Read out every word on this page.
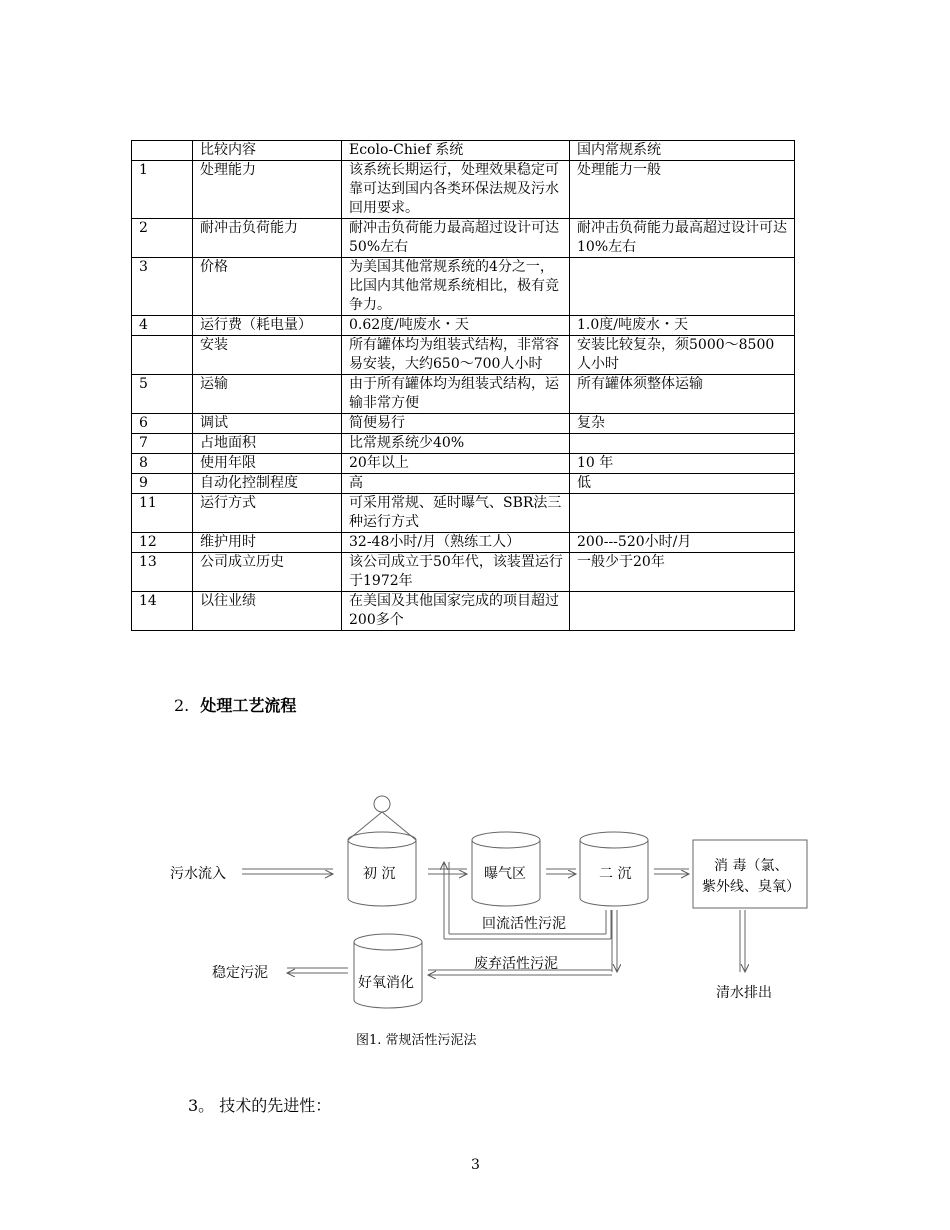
	比较内容	Ecolo-Chief 系统	国内常规系统
1	处理能力	该系统长期运行，处理效果稳定可靠可达到国内各类环保法规及污水回用要求。	处理能力一般
2	耐冲击负荷能力	耐冲击负荷能力最高超过设计可达50%左右	耐冲击负荷能力最高超过设计可达10%左右
3	价格	为美国其他常规系统的4分之一，比国内其他常规系统相比，极有竞争力。	
4	运行费（耗电量）	0.62度/吨废水・天	1.0度/吨废水・天
	安装	所有罐体均为组装式结构，非常容易安装，大约650～700人小时	安装比较复杂，须5000～8500人小时
5	运输	由于所有罐体均为组装式结构，运输非常方便	所有罐体须整体运输
6	调试	简便易行	复杂
7	占地面积	比常规系统少40%	
8	使用年限	20年以上	10 年
9	自动化控制程度	高	低
11	运行方式	可采用常规、延时曝气、SBR法三种运行方式	
12	维护用时	32-48小时/月（熟练工人）	200---520小时/月
13	公司成立历史	该公司成立于50年代，该装置运行于1972年	一般少于20年
14	以往业绩	在美国及其他国家完成的项目超过200多个	
2. 处理工艺流程
污水流入	初 沉	曝气区	二 沉	消 毒（氯、
紫外线、臭氧）
回流活性污泥
废弃活性污泥
好氧消化
稳定污泥
清水排出
图1. 常规活性污泥法
3。 技术的先进性：
3
